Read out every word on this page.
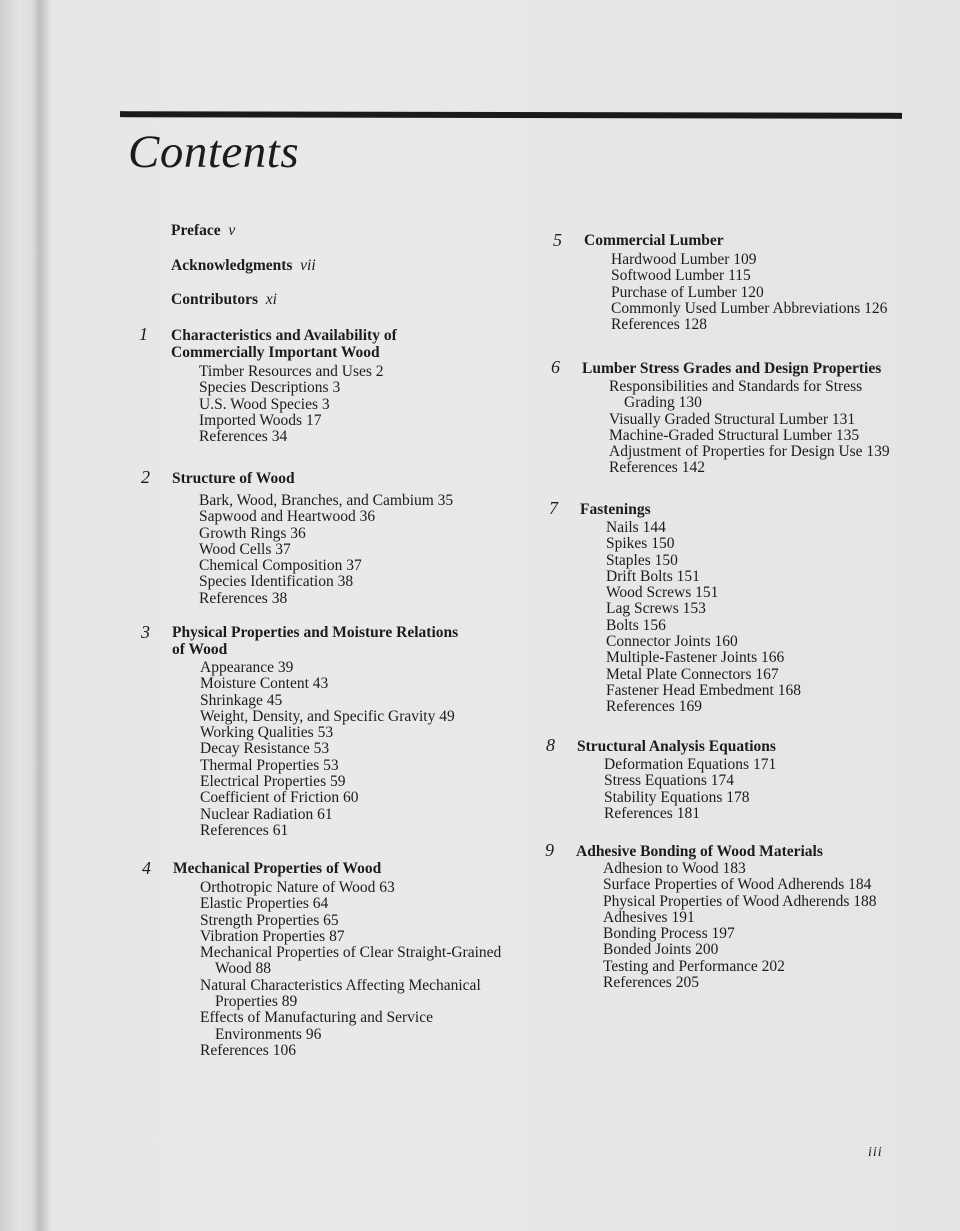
Contents
Preface v
Acknowledgments vii
Contributors xi
1 Characteristics and Availability of
Commercially Important Wood
Timber Resources and Uses 2
Species Descriptions 3
U.S. Wood Species 3
Imported Woods 17
References 34
2 Structure of Wood
Bark, Wood, Branches, and Cambium 35
Sapwood and Heartwood 36
Growth Rings 36
Wood Cells 37
Chemical Composition 37
Species Identification 38
References 38
3 Physical Properties and Moisture Relations
of Wood
Appearance 39
Moisture Content 43
Shrinkage 45
Weight, Density, and Specific Gravity 49
Working Qualities 53
Decay Resistance 53
Thermal Properties 53
Electrical Properties 59
Coefficient of Friction 60
Nuclear Radiation 61
References 61
4 Mechanical Properties of Wood
Orthotropic Nature of Wood 63
Elastic Properties 64
Strength Properties 65
Vibration Properties 87
Mechanical Properties of Clear Straight-Grained
Wood 88
Natural Characteristics Affecting Mechanical
Properties 89
Effects of Manufacturing and Service
Environments 96
References 106
5 Commercial Lumber
Hardwood Lumber 109
Softwood Lumber 115
Purchase of Lumber 120
Commonly Used Lumber Abbreviations 126
References 128
6 Lumber Stress Grades and Design Properties
Responsibilities and Standards for Stress
Grading 130
Visually Graded Structural Lumber 131
Machine-Graded Structural Lumber 135
Adjustment of Properties for Design Use 139
References 142
7 Fastenings
Nails 144
Spikes 150
Staples 150
Drift Bolts 151
Wood Screws 151
Lag Screws 153
Bolts 156
Connector Joints 160
Multiple-Fastener Joints 166
Metal Plate Connectors 167
Fastener Head Embedment 168
References 169
8 Structural Analysis Equations
Deformation Equations 171
Stress Equations 174
Stability Equations 178
References 181
9 Adhesive Bonding of Wood Materials
Adhesion to Wood 183
Surface Properties of Wood Adherends 184
Physical Properties of Wood Adherends 188
Adhesives 191
Bonding Process 197
Bonded Joints 200
Testing and Performance 202
References 205
iii
